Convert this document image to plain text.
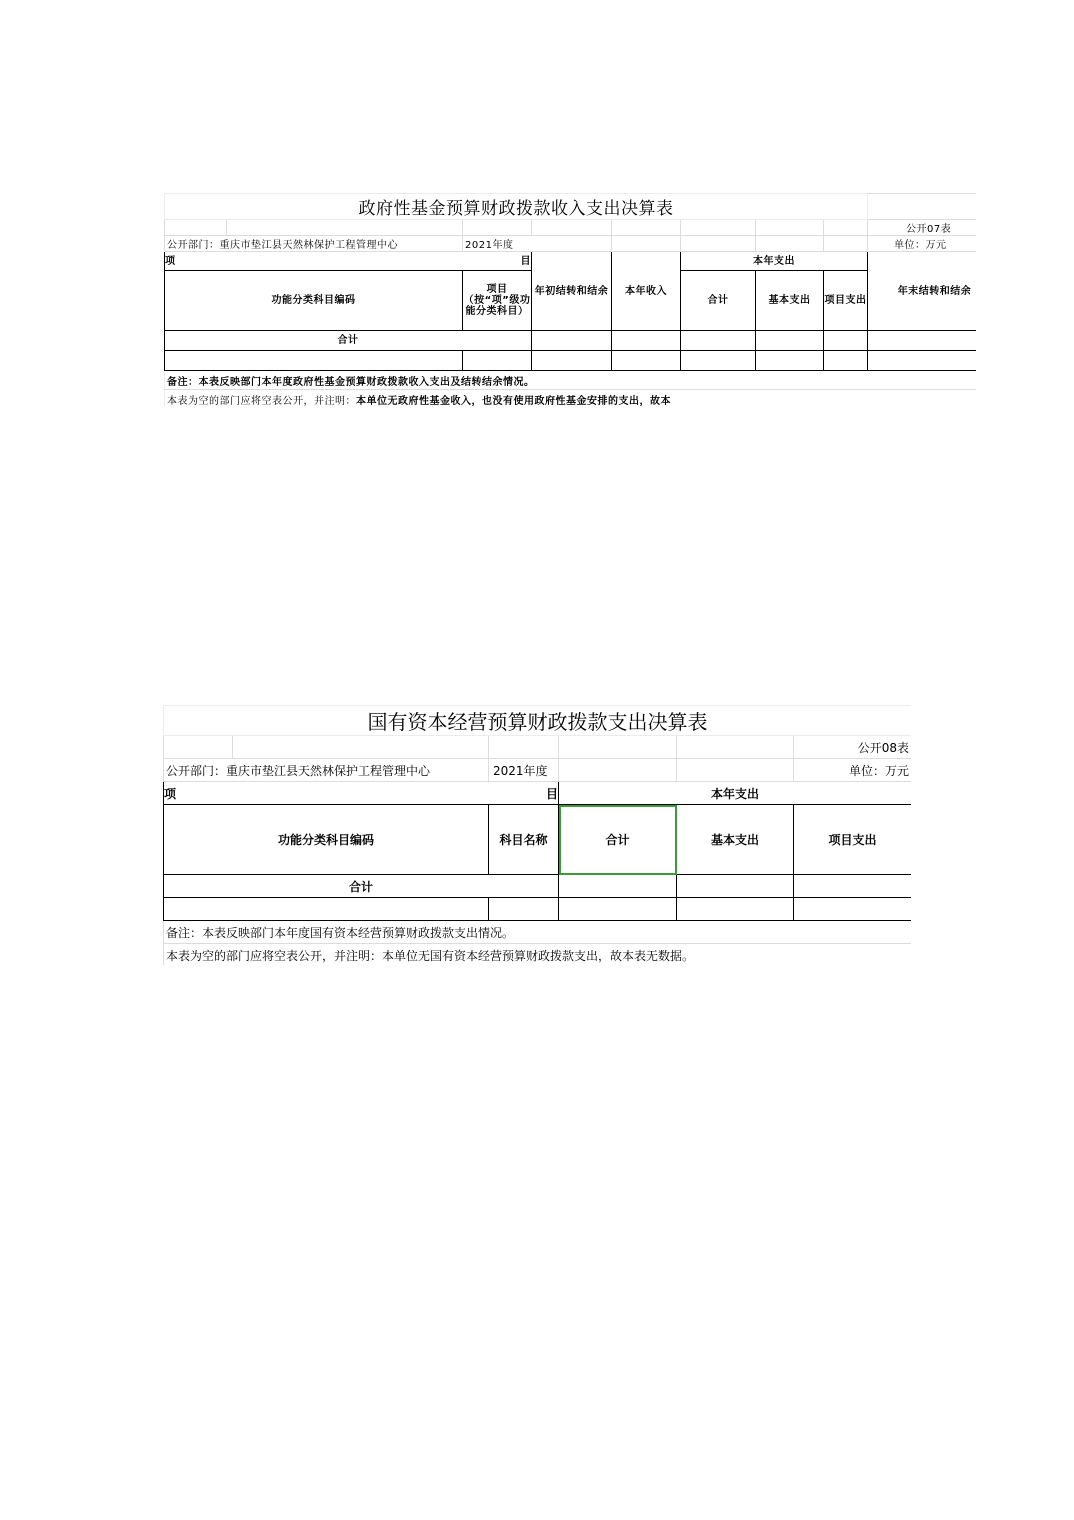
政府性基金预算财政拨款收入支出决算表								
								公开07表
公开部门：重庆市垫江县天然林保护工程管理中心		2021年度						单位：万元

项 目			年初结转和结余	本年收入	本年支出			年末结转和结余
功能分类科目编码		项目（按“项”级功能分类科目）			合计	基本支出	项目支出	
合计								

备注：本表反映部门本年度政府性基金预算财政拨款收入支出及结转结余情况。								
本表为空的部门应将空表公开，并注明：本单位无政府性基金收入，也没有使用政府性基金安排的支出，故本								
国有资本经营预算财政拨款支出决算表					
					公开08表
公开部门：重庆市垫江县天然林保护工程管理中心		2021年度			单位：万元

项 目			本年支出		
功能分类科目编码		科目名称	合计	基本支出	项目支出
合计					

备注：本表反映部门本年度国有资本经营预算财政拨款支出情况。					
本表为空的部门应将空表公开，并注明：本单位无国有资本经营预算财政拨款支出，故本表无数据。					
